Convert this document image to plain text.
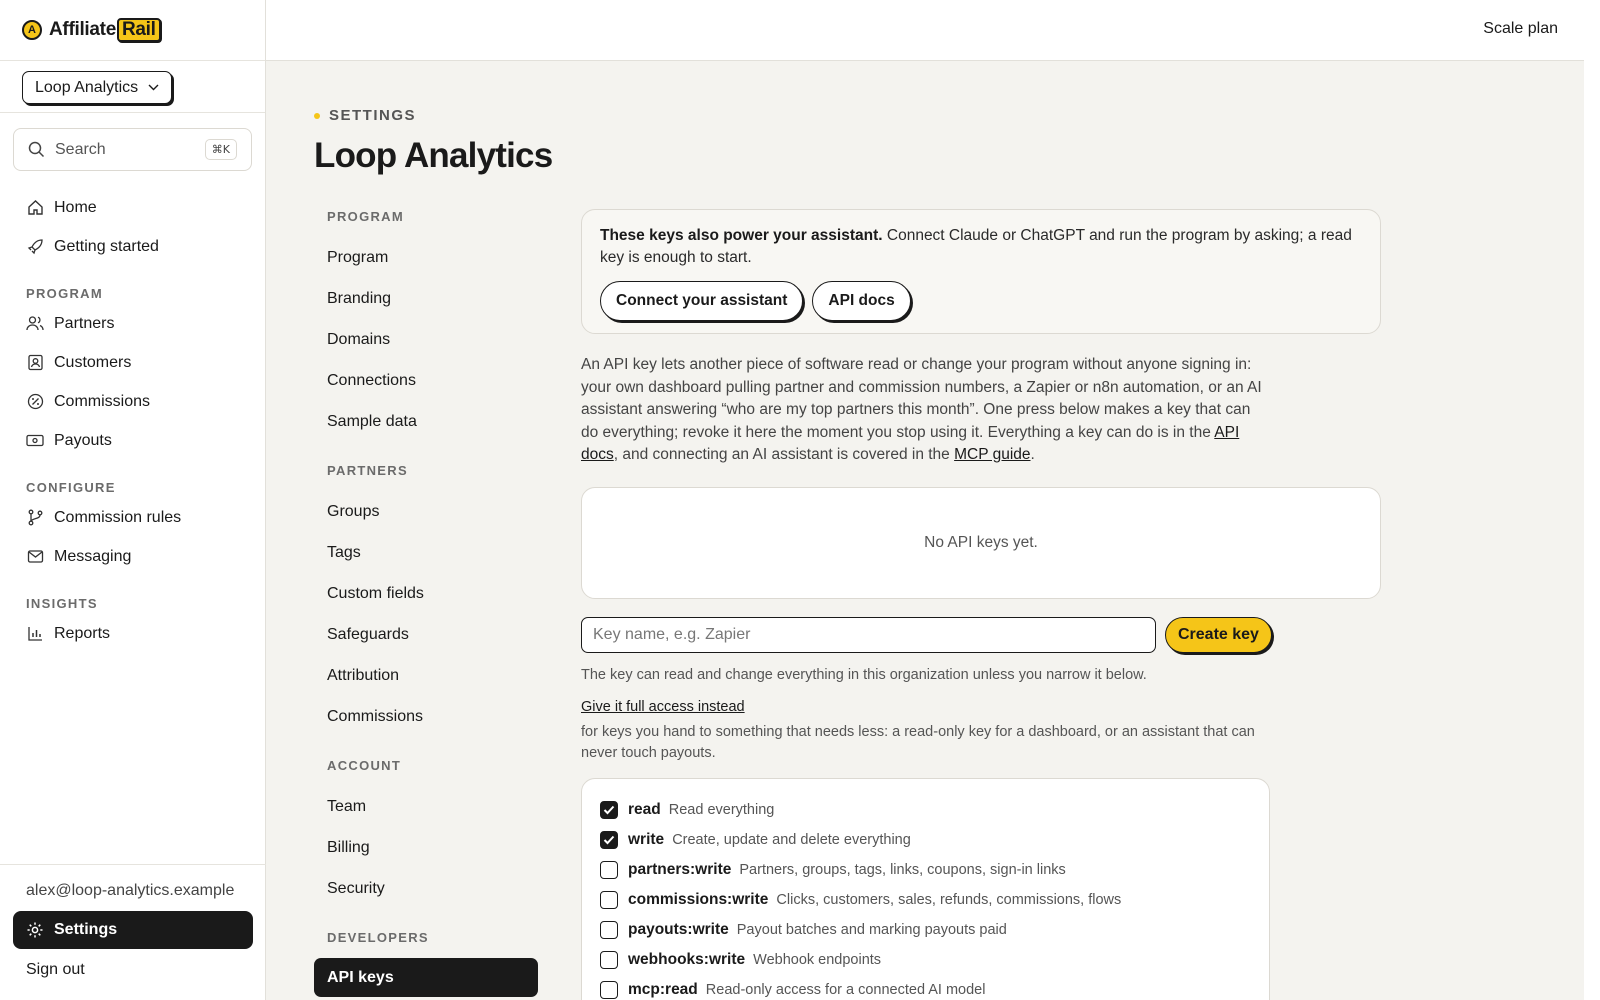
A Affiliate Rail
Loop Analytics
Search	⌘K
Home
Getting started
PROGRAM
Partners
Customers
Commissions
Payouts
CONFIGURE
Commission rules
Messaging
INSIGHTS
Reports
alex@loop-analytics.example
Settings
Sign out
Scale plan
SETTINGS
Loop Analytics
PROGRAM
Program
Branding
Domains
Connections
Sample data
PARTNERS
Groups
Tags
Custom fields
Safeguards
Attribution
Commissions
ACCOUNT
Team
Billing
Security
DEVELOPERS
API keys

These keys also power your assistant. Connect Claude or ChatGPT and run the program by asking; a read key is enough to start.

Connect your assistant	API docs

An API key lets another piece of software read or change your program without anyone signing in: your own dashboard pulling partner and commission numbers, a Zapier or n8n automation, or an AI assistant answering “who are my top partners this month”. One press below makes a key that can do everything; revoke it here the moment you stop using it. Everything a key can do is in the API docs, and connecting an AI assistant is covered in the MCP guide.

No API keys yet.
Key name, e.g. Zapier
Create key

The key can read and change everything in this organization unless you narrow it below.

Give it full access instead

for keys you hand to something that needs less: a read-only key for a dashboard, or an assistant that can never touch payouts.

read Read everything
write Create, update and delete everything
partners:write Partners, groups, tags, links, coupons, sign-in links
commissions:write Clicks, customers, sales, refunds, commissions, flows
payouts:write Payout batches and marking payouts paid
webhooks:write Webhook endpoints
mcp:read Read-only access for a connected AI model
